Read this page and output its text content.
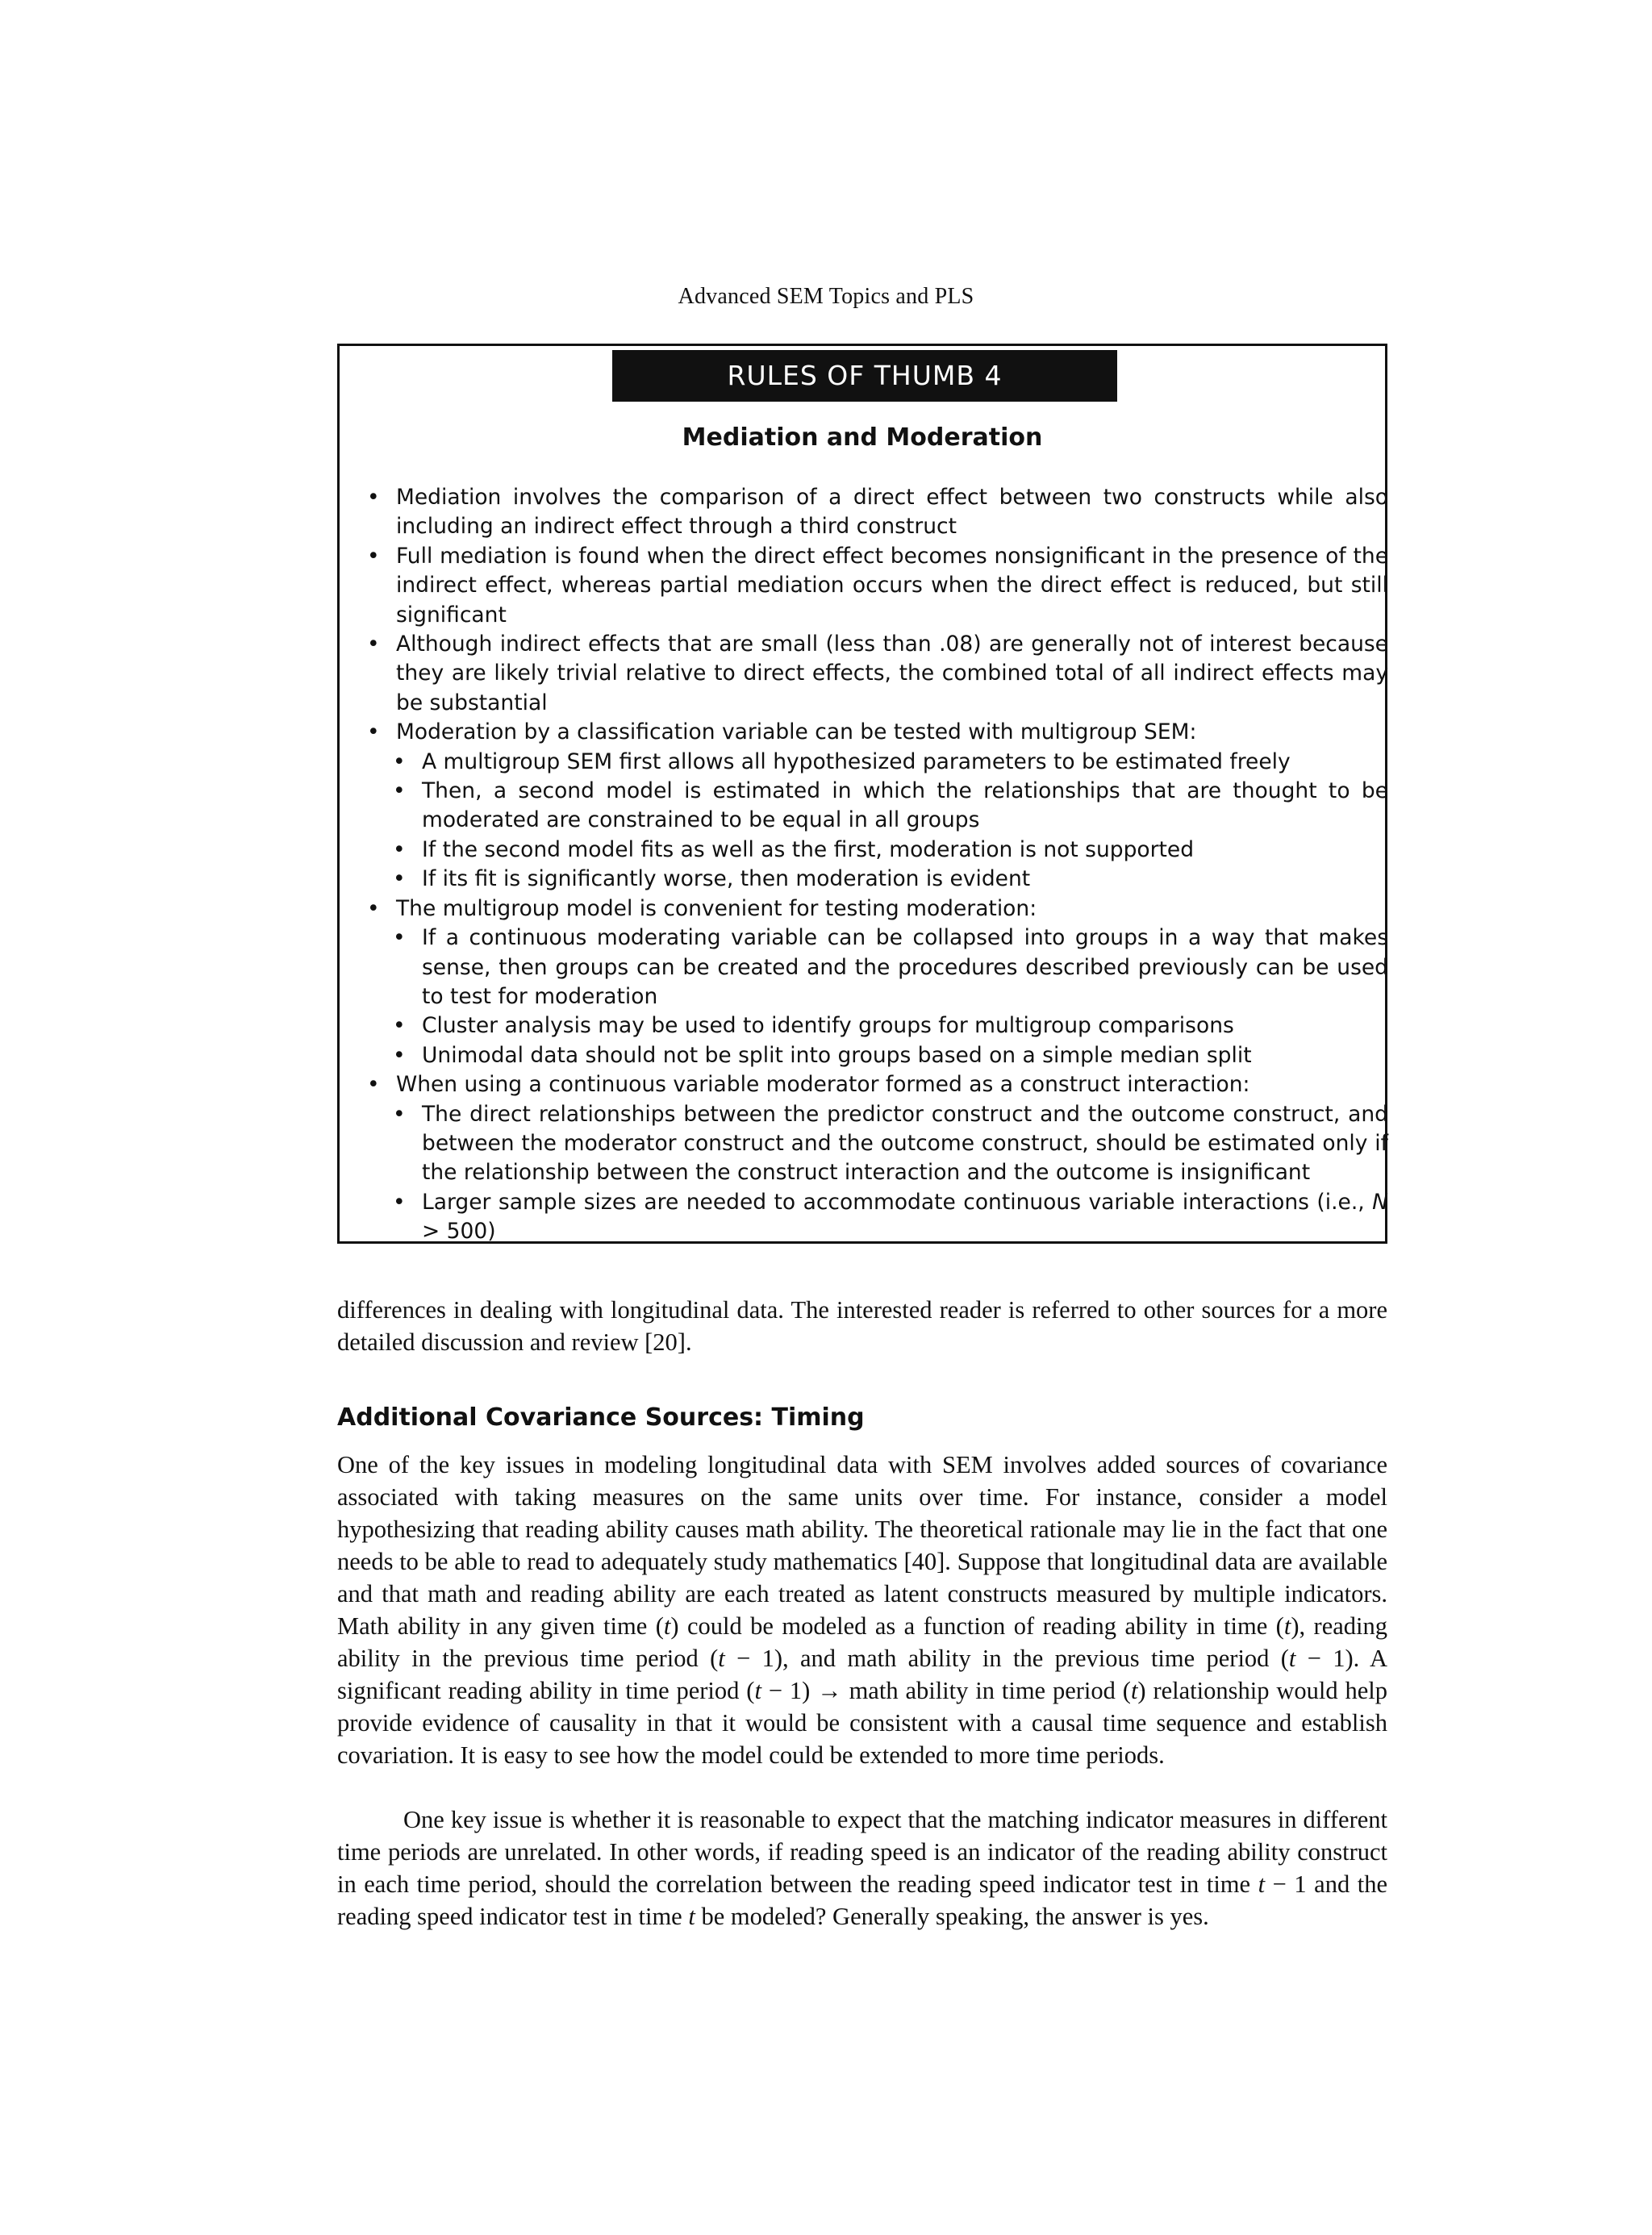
Advanced SEM Topics and PLS
RULES OF THUMB 4
Mediation and Moderation
• Mediation involves the comparison of a direct effect between two constructs while also including an indirect effect through a third construct
• Full mediation is found when the direct effect becomes nonsignificant in the presence of the indirect effect, whereas partial mediation occurs when the direct effect is reduced, but still significant
• Although indirect effects that are small (less than .08) are generally not of interest because they are likely trivial relative to direct effects, the combined total of all indirect effects may be substantial
• Moderation by a classification variable can be tested with multigroup SEM:
• A multigroup SEM first allows all hypothesized parameters to be estimated freely
• Then, a second model is estimated in which the relationships that are thought to be moderated are constrained to be equal in all groups
• If the second model fits as well as the first, moderation is not supported
• If its fit is significantly worse, then moderation is evident
• The multigroup model is convenient for testing moderation:
• If a continuous moderating variable can be collapsed into groups in a way that makes sense, then groups can be created and the procedures described previously can be used to test for moderation
• Cluster analysis may be used to identify groups for multigroup comparisons
• Unimodal data should not be split into groups based on a simple median split
• When using a continuous variable moderator formed as a construct interaction:
• The direct relationships between the predictor construct and the outcome construct, and between the moderator construct and the outcome construct, should be estimated only if the relationship between the construct interaction and the outcome is insignificant
• Larger sample sizes are needed to accommodate continuous variable interactions (i.e., N > 500)

differences in dealing with longitudinal data. The interested reader is referred to other sources for a more detailed discussion and review [20].

Additional Covariance Sources: Timing

One of the key issues in modeling longitudinal data with SEM involves added sources of covariance associated with taking measures on the same units over time. For instance, consider a model hypothesizing that reading ability causes math ability. The theoretical rationale may lie in the fact that one needs to be able to read to adequately study mathematics [40]. Suppose that longitudinal data are available and that math and reading ability are each treated as latent constructs measured by multiple indicators. Math ability in any given time (t) could be modeled as a function of reading ability in time (t), reading ability in the previous time period (t − 1), and math ability in the previous time period (t − 1). A significant reading ability in time period (t − 1) → math ability in time period (t) relationship would help provide evidence of causality in that it would be consistent with a causal time sequence and establish covariation. It is easy to see how the model could be extended to more time periods.

One key issue is whether it is reasonable to expect that the matching indicator measures in different time periods are unrelated. In other words, if reading speed is an indicator of the reading ability construct in each time period, should the correlation between the reading speed indicator test in time t − 1 and the reading speed indicator test in time t be modeled? Generally speaking, the answer is yes.
